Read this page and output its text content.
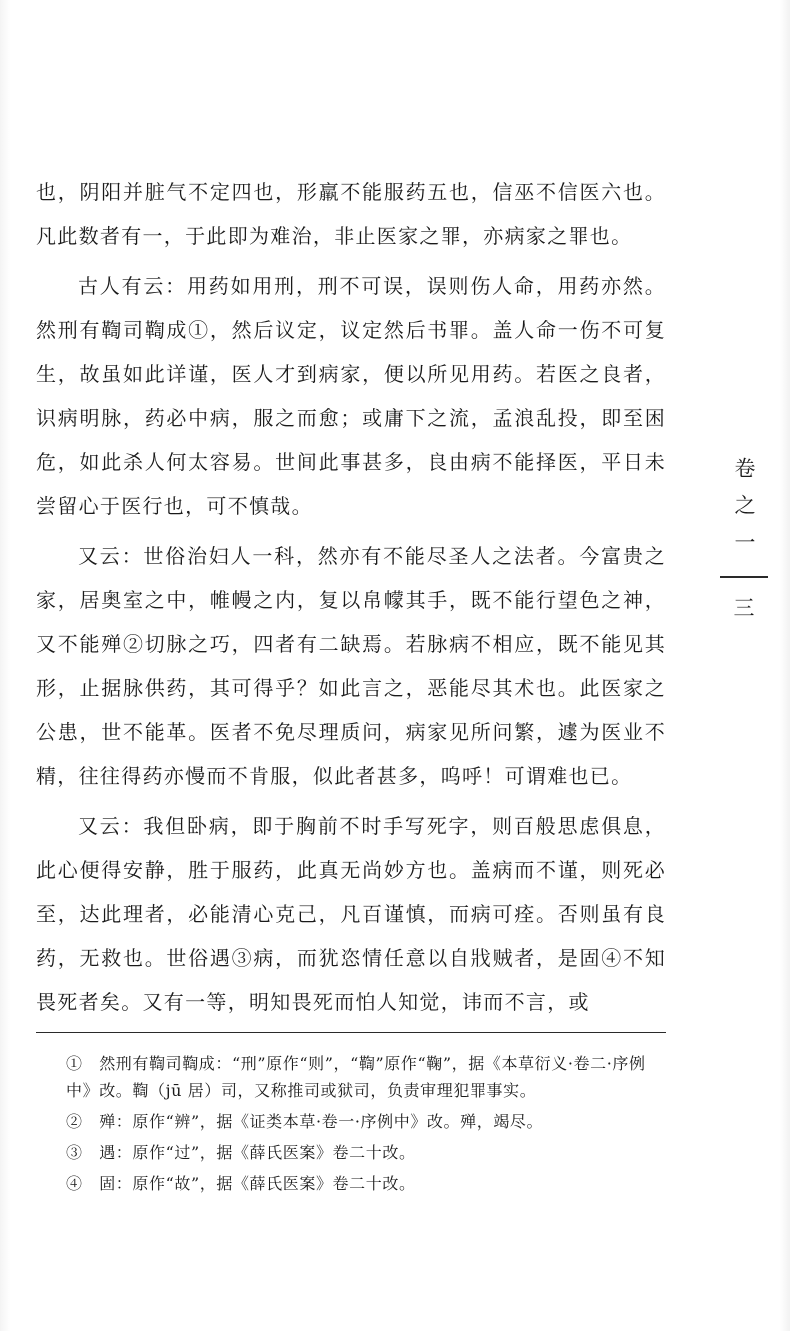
也，阴阳并脏气不定四也，形羸不能服药五也，信巫不信医六也。凡此数者有一，于此即为难治，非止医家之罪，亦病家之罪也。

古人有云：用药如用刑，刑不可误，误则伤人命，用药亦然。然刑有鞫司鞫成①，然后议定，议定然后书罪。盖人命一伤不可复生，故虽如此详谨，医人才到病家，便以所见用药。若医之良者，识病明脉，药必中病，服之而愈；或庸下之流，孟浪乱投，即至困危，如此杀人何太容易。世间此事甚多，良由病不能择医，平日未尝留心于医行也，可不慎哉。

又云：世俗治妇人一科，然亦有不能尽圣人之法者。今富贵之家，居奥室之中，帷幔之内，复以帛幪其手，既不能行望色之神，又不能殚②切脉之巧，四者有二缺焉。若脉病不相应，既不能见其形，止据脉供药，其可得乎？如此言之，恶能尽其术也。此医家之公患，世不能革。医者不免尽理质问，病家见所问繁，遽为医业不精，往往得药亦慢而不肯服，似此者甚多，呜呼！可谓难也已。

又云：我但卧病，即于胸前不时手写死字，则百般思虑俱息，此心便得安静，胜于服药，此真无尚妙方也。盖病而不谨，则死必至，达此理者，必能清心克己，凡百谨慎，而病可痊。否则虽有良药，无救也。世俗遇③病，而犹恣情任意以自戕贼者，是固④不知畏死者矣。又有一等，明知畏死而怕人知觉，讳而不言，或

卷之一
三

①　然刑有鞫司鞫成：“刑”原作“则”，“鞫”原作“鞠”，据《本草衍义·卷二·序例中》改。鞫（jū 居）司，又称推司或狱司，负责审理犯罪事实。

②　殚：原作“辨”，据《证类本草·卷一·序例中》改。殚，竭尽。

③　遇：原作“过”，据《薛氏医案》卷二十改。

④　固：原作“故”，据《薛氏医案》卷二十改。
